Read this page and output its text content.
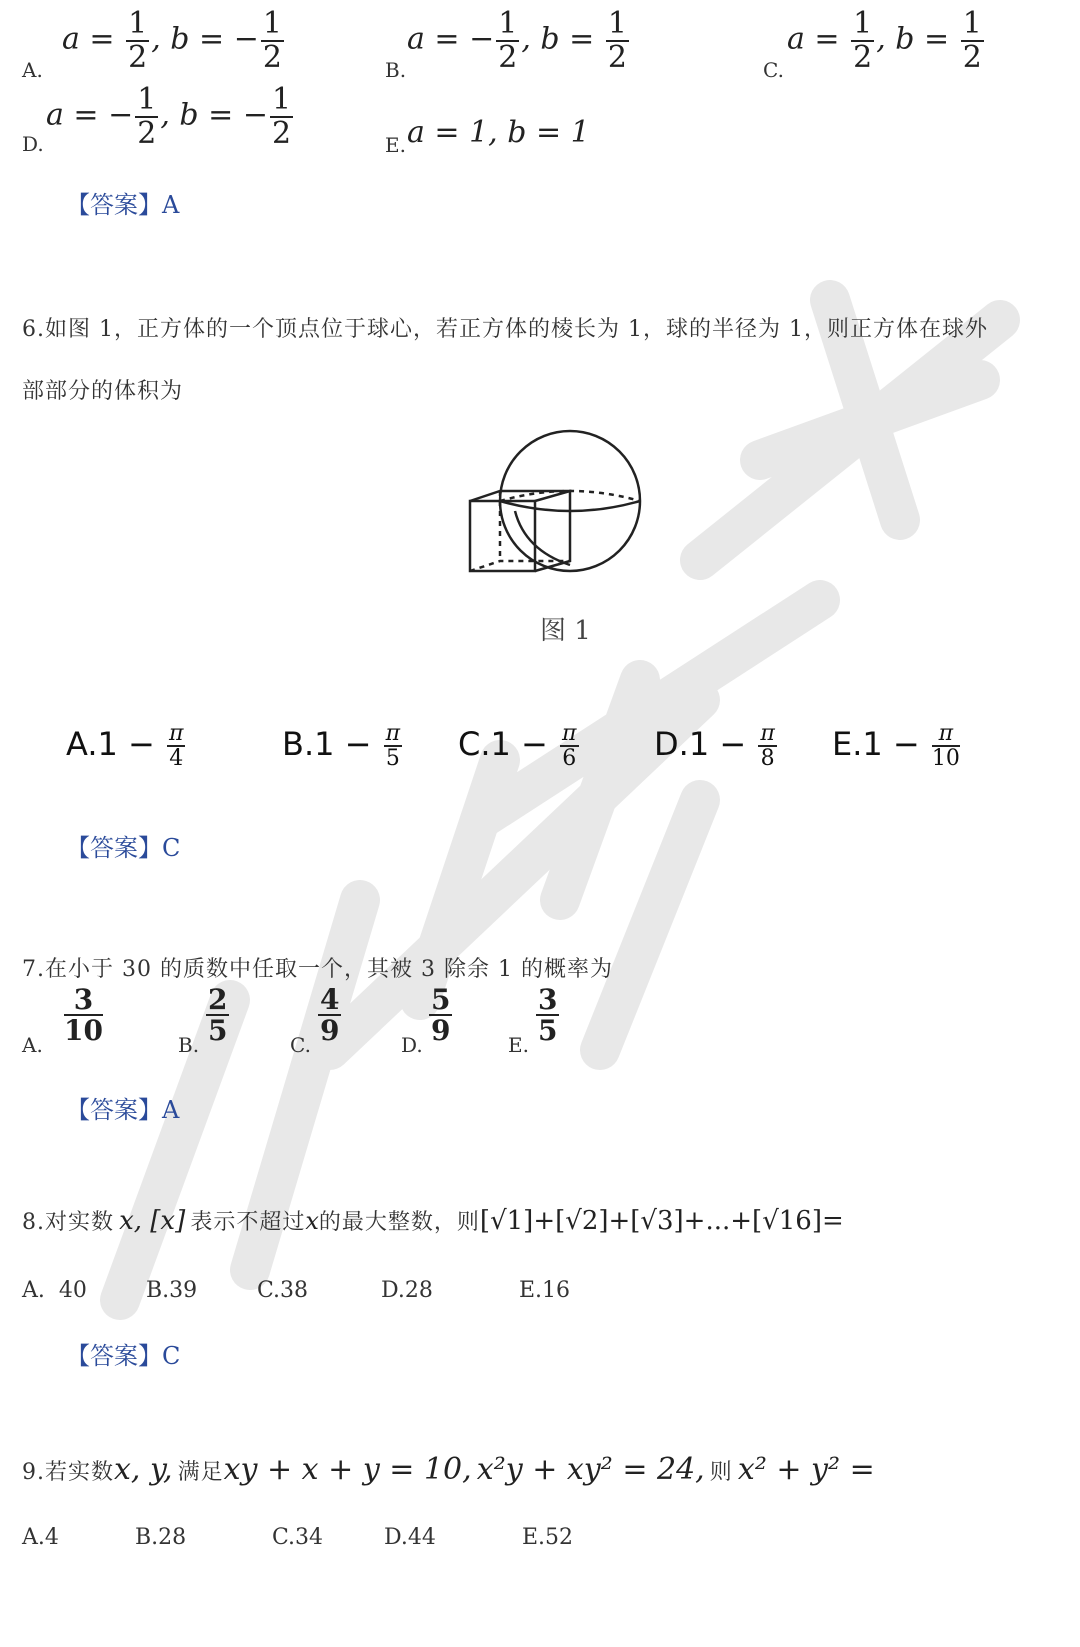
A.
$a = \frac{1}{2}$ , b = − $\frac{1}{2}$	B.
a = − $\frac{1}{2}$ , $b = \frac{1}{2}$	C.
$a = \frac{1}{2}$ , $b = \frac{1}{2}$
D.
a = − $\frac{1}{2}$ , b = − $\frac{1}{2}$	E. a = 1, b = 1
【答案】A
6.如图 1，正方体的一个顶点位于球心，若正方体的棱长为 1，球的半径为 1，则正方体在球外
部部分的体积为
图 1
$A.1 - \frac{\pi}{4}$	$B.1 - \frac{\pi}{5} C.1 - \frac{\pi}{6} D.1 - \frac{\pi}{8} E.1 - \frac{\pi}{10}$
【答案】C
7.在小于 30 的质数中任取一个，其被 3 除余 1 的概率为
A. $\frac{3}{10}$	B. $\frac{2}{5}$	C. $\frac{4}{9}$	D. $\frac{5}{9}$	E. $\frac{3}{5}$
【答案】A
8.对实数 x, [x] 表示不超过x的最大整数，则[√1]+[√2]+[√3]+...+[√16]=
A.  40	B.39	C.38	D.28	E.16
【答案】C
9.若实数x, y, 满足xy + x + y = 10, x²y + xy² = 24, 则 x² + y² =
A.4	B.28	C.34	D.44	E.52
